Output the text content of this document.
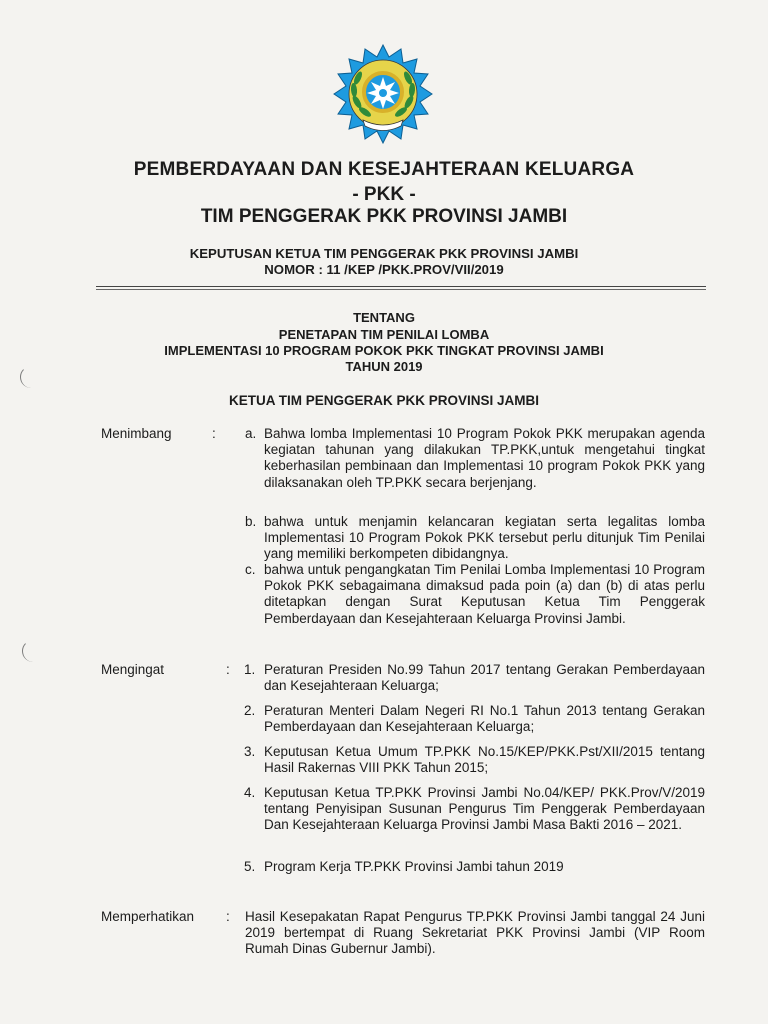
PEMBERDAYAAN DAN KESEJAHTERAAN KELUARGA
- PKK -
TIM PENGGERAK PKK PROVINSI JAMBI
KEPUTUSAN KETUA TIM PENGGERAK PKK PROVINSI JAMBI
NOMOR : 11 /KEP /PKK.PROV/VII/2019
TENTANG
PENETAPAN TIM PENILAI LOMBA
IMPLEMENTASI 10 PROGRAM POKOK PKK TINGKAT PROVINSI JAMBI
TAHUN 2019
KETUA TIM PENGGERAK PKK PROVINSI JAMBI
Menimbang	: a. Bahwa lomba Implementasi 10 Program Pokok PKK merupakan agenda kegiatan tahunan yang dilakukan TP.PKK,untuk mengetahui tingkat keberhasilan pembinaan dan Implementasi 10 program Pokok PKK yang dilaksanakan oleh TP.PKK secara berjenjang.
b. bahwa untuk menjamin kelancaran kegiatan serta legalitas lomba Implementasi 10 Program Pokok PKK tersebut perlu ditunjuk Tim Penilai yang memiliki berkompeten dibidangnya.
c. bahwa untuk pengangkatan Tim Penilai Lomba Implementasi 10 Program Pokok PKK sebagaimana dimaksud pada poin (a) dan (b) di atas perlu ditetapkan dengan Surat Keputusan Ketua Tim Penggerak Pemberdayaan dan Kesejahteraan Keluarga Provinsi Jambi.
Mengingat	: 1. Peraturan Presiden No.99 Tahun 2017 tentang Gerakan Pemberdayaan dan Kesejahteraan Keluarga;
2. Peraturan Menteri Dalam Negeri RI No.1 Tahun 2013 tentang Gerakan Pemberdayaan dan Kesejahteraan Keluarga;
3. Keputusan Ketua Umum TP.PKK No.15/KEP/PKK.Pst/XII/2015 tentang Hasil Rakernas VIII PKK Tahun 2015;
4. Keputusan Ketua TP.PKK Provinsi Jambi No.04/KEP/ PKK.Prov/V/2019 tentang Penyisipan Susunan Pengurus Tim Penggerak Pemberdayaan Dan Kesejahteraan Keluarga Provinsi Jambi Masa Bakti 2016 – 2021.
5. Program Kerja TP.PKK Provinsi Jambi tahun 2019
Memperhatikan : Hasil Kesepakatan Rapat Pengurus TP.PKK Provinsi Jambi tanggal 24 Juni 2019 bertempat di Ruang Sekretariat PKK Provinsi Jambi (VIP Room Rumah Dinas Gubernur Jambi).
